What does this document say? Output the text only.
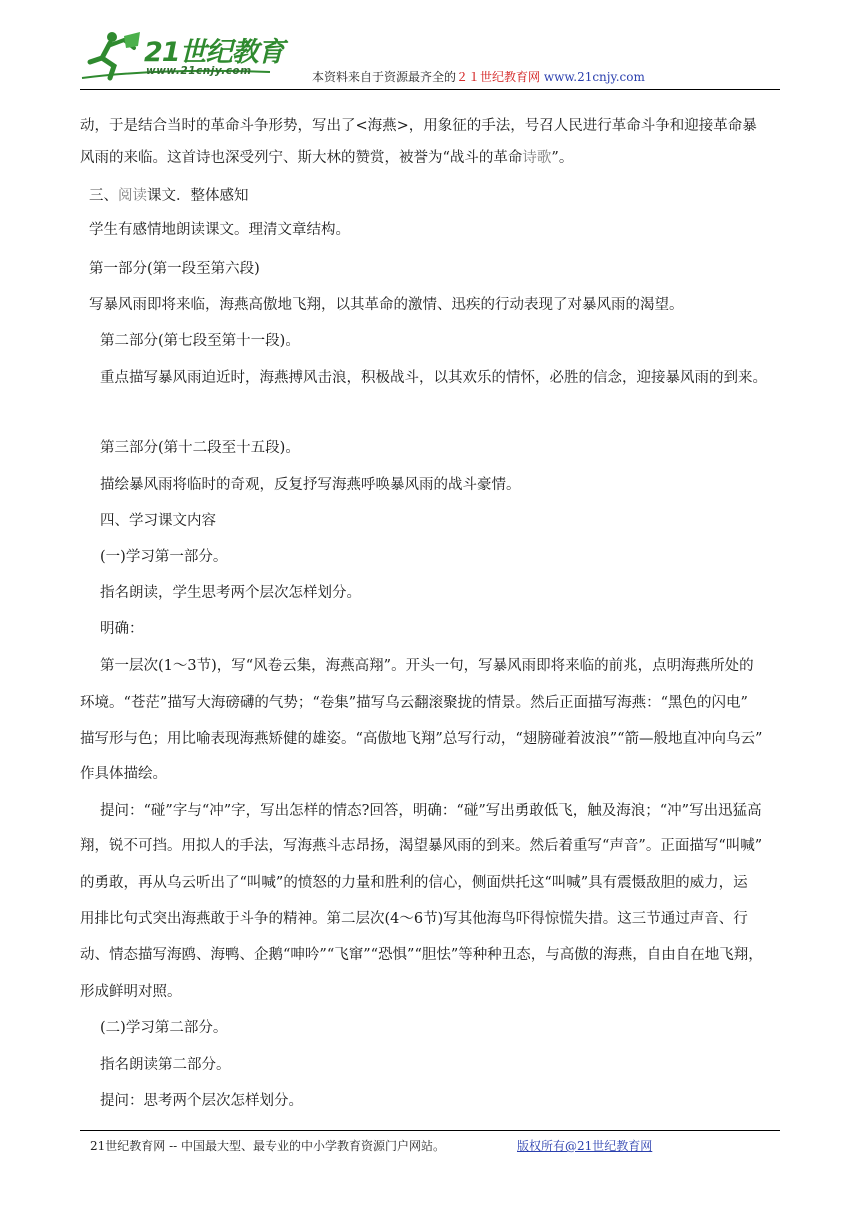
21世纪教育
www.21cnjy.com	本资料来自于资源最齐全的２１世纪教育网 www.21cnjy.com
动，于是结合当时的革命斗争形势，写出了<海燕>，用象征的手法，号召人民进行革命斗争和迎接革命暴
风雨的来临。这首诗也深受列宁、斯大林的赞赏，被誉为“战斗的革命诗歌”。
三、阅读课文．整体感知
学生有感情地朗读课文。理清文章结构。
第一部分(第一段至第六段)
写暴风雨即将来临，海燕高傲地飞翔，以其革命的激情、迅疾的行动表现了对暴风雨的渴望。
第二部分(第七段至第十一段)。
重点描写暴风雨迫近时，海燕搏风击浪，积极战斗，以其欢乐的情怀，必胜的信念，迎接暴风雨的到来。
第三部分(第十二段至十五段)。
描绘暴风雨将临时的奇观，反复抒写海燕呼唤暴风雨的战斗豪情。
四、学习课文内容
(一)学习第一部分。
指名朗读，学生思考两个层次怎样划分。
明确：
第一层次(1～3节)，写“风卷云集，海燕高翔”。开头一句，写暴风雨即将来临的前兆，点明海燕所处的
环境。“苍茫”描写大海磅礴的气势；“卷集”描写乌云翻滚聚拢的情景。然后正面描写海燕：“黑色的闪电”
描写形与色；用比喻表现海燕矫健的雄姿。“高傲地飞翔”总写行动，“翅膀碰着波浪”“箭—般地直冲向乌云”
作具体描绘。
提问：“碰”字与“冲”字，写出怎样的情态?回答，明确：“碰”写出勇敢低飞，触及海浪；“冲”写出迅猛高
翔，锐不可挡。用拟人的手法，写海燕斗志昂扬，渴望暴风雨的到来。然后着重写“声音”。正面描写“叫喊”
的勇敢，再从乌云听出了“叫喊”的愤怒的力量和胜利的信心，侧面烘托这“叫喊”具有震慑敌胆的威力，运
用排比句式突出海燕敢于斗争的精神。第二层次(4～6节)写其他海鸟吓得惊慌失措。这三节通过声音、行
动、情态描写海鸥、海鸭、企鹅“呻吟”“飞窜”“恐惧”“胆怯”等种种丑态，与高傲的海燕，自由自在地飞翔，
形成鲜明对照。
(二)学习第二部分。
指名朗读第二部分。
提问：思考两个层次怎样划分。
21世纪教育网 -- 中国最大型、最专业的中小学教育资源门户网站。	版权所有@21世纪教育网
